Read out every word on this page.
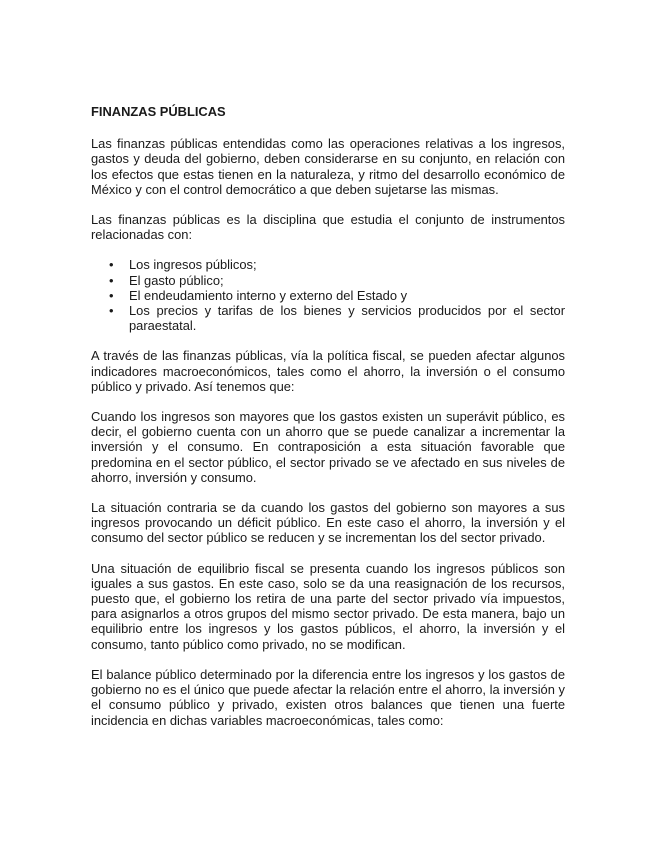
FINANZAS PÚBLICAS

Las finanzas públicas entendidas como las operaciones relativas a los ingresos, gastos y deuda del gobierno, deben considerarse en su conjunto, en relación con los efectos que estas tienen en la naturaleza, y ritmo del desarrollo económico de México y con el control democrático a que deben sujetarse las mismas.

Las finanzas públicas es la disciplina que estudia el conjunto de instrumentos relacionadas con:

• Los ingresos públicos;
• El gasto público;
• El endeudamiento interno y externo del Estado y
• Los precios y tarifas de los bienes y servicios producidos por el sector paraestatal.

A través de las finanzas públicas, vía la política fiscal, se pueden afectar algunos indicadores macroeconómicos, tales como el ahorro, la inversión o el consumo público y privado. Así tenemos que:

Cuando los ingresos son mayores que los gastos existen un superávit público, es decir, el gobierno cuenta con un ahorro que se puede canalizar a incrementar la inversión y el consumo. En contraposición a esta situación favorable que predomina en el sector público, el sector privado se ve afectado en sus niveles de ahorro, inversión y consumo.

La situación contraria se da cuando los gastos del gobierno son mayores a sus ingresos provocando un déficit público. En este caso el ahorro, la inversión y el consumo del sector público se reducen y se incrementan los del sector privado.

Una situación de equilibrio fiscal se presenta cuando los ingresos públicos son iguales a sus gastos. En este caso, solo se da una reasignación de los recursos, puesto que, el gobierno los retira de una parte del sector privado vía impuestos, para asignarlos a otros grupos del mismo sector privado. De esta manera, bajo un equilibrio entre los ingresos y los gastos públicos, el ahorro, la inversión y el consumo, tanto público como privado, no se modifican.

El balance público determinado por la diferencia entre los ingresos y los gastos de gobierno no es el único que puede afectar la relación entre el ahorro, la inversión y el consumo público y privado, existen otros balances que tienen una fuerte incidencia en dichas variables macroeconómicas, tales como:
